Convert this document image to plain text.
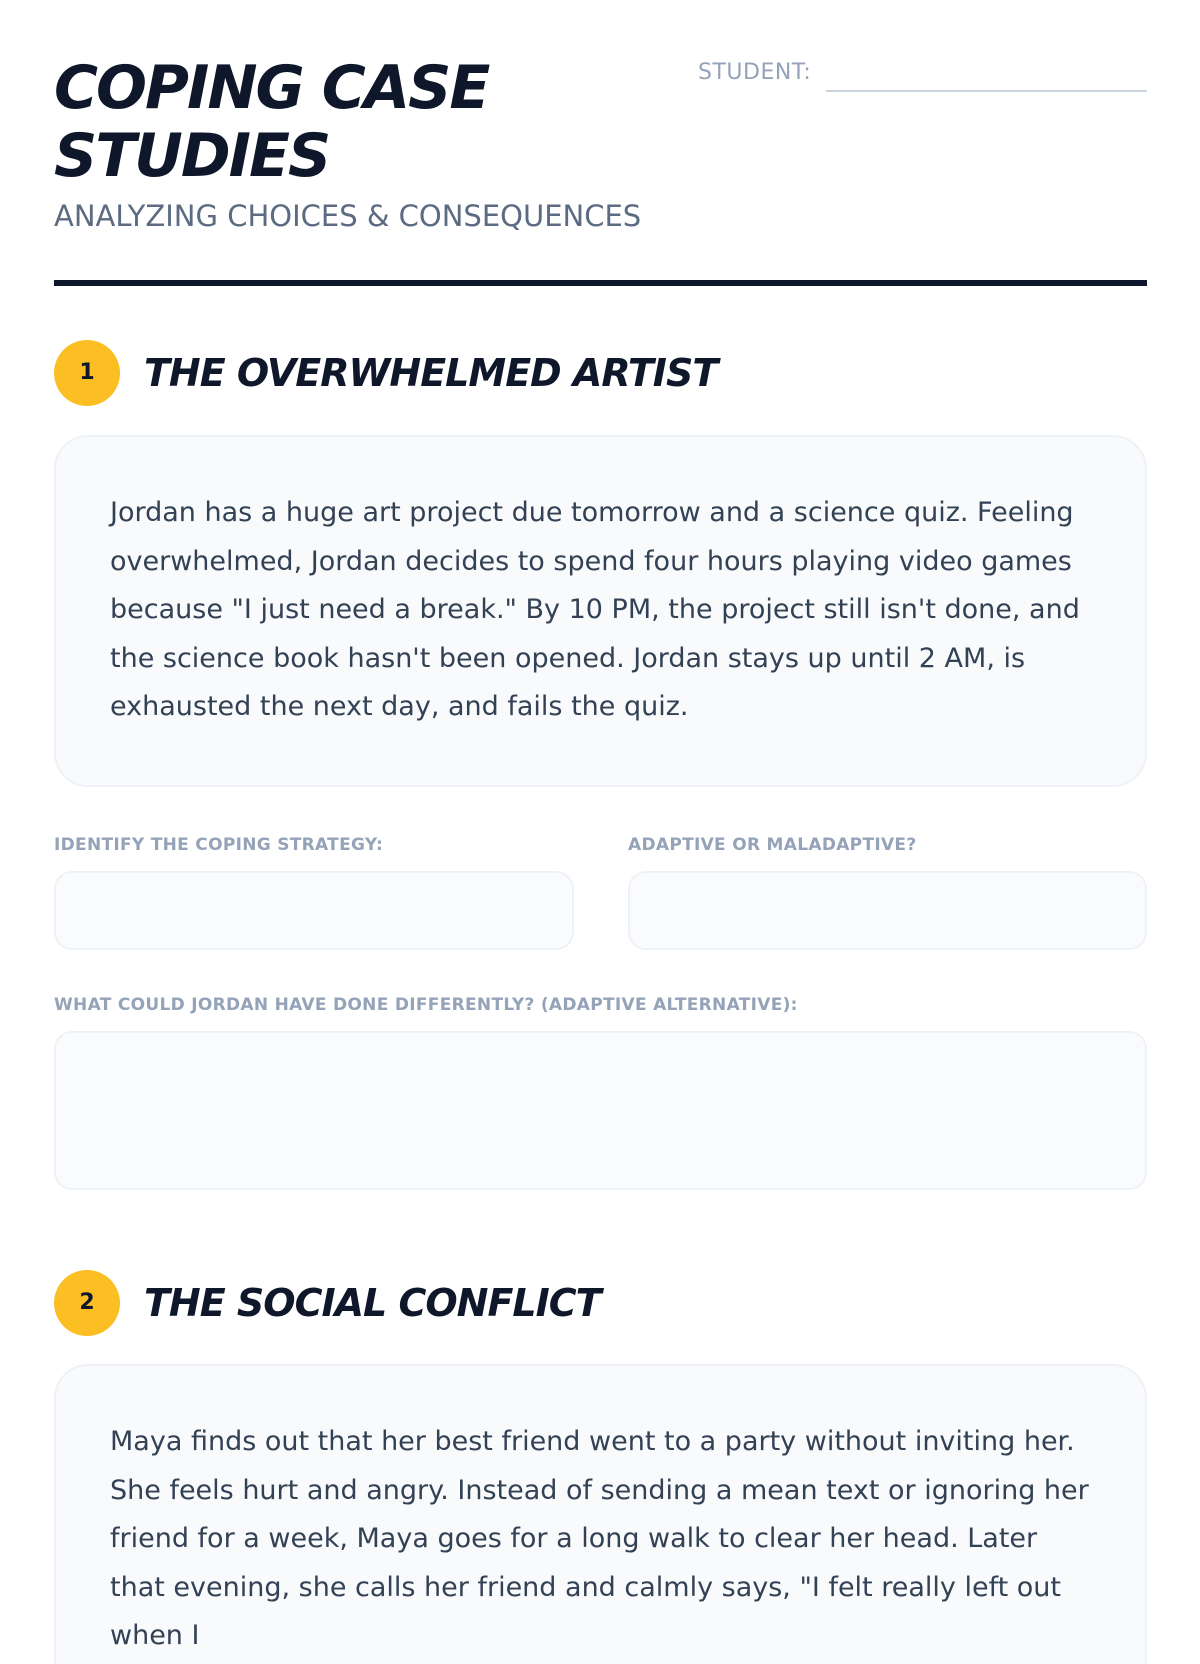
COPING CASE STUDIES
ANALYZING CHOICES & CONSEQUENCES
STUDENT:
1	THE OVERWHELMED ARTIST
Jordan has a huge art project due tomorrow and a science quiz. Feeling overwhelmed, Jordan decides to spend four hours playing video games because "I just need a break." By 10 PM, the project still isn't done, and the science book hasn't been opened. Jordan stays up until 2 AM, is exhausted the next day, and fails the quiz.
IDENTIFY THE COPING STRATEGY:	ADAPTIVE OR MALADAPTIVE?
WHAT COULD JORDAN HAVE DONE DIFFERENTLY? (ADAPTIVE ALTERNATIVE):
2	THE SOCIAL CONFLICT
Maya finds out that her best friend went to a party without inviting her. She feels hurt and angry. Instead of sending a mean text or ignoring her friend for a week, Maya goes for a long walk to clear her head. Later that evening, she calls her friend and calmly says, "I felt really left out when I
